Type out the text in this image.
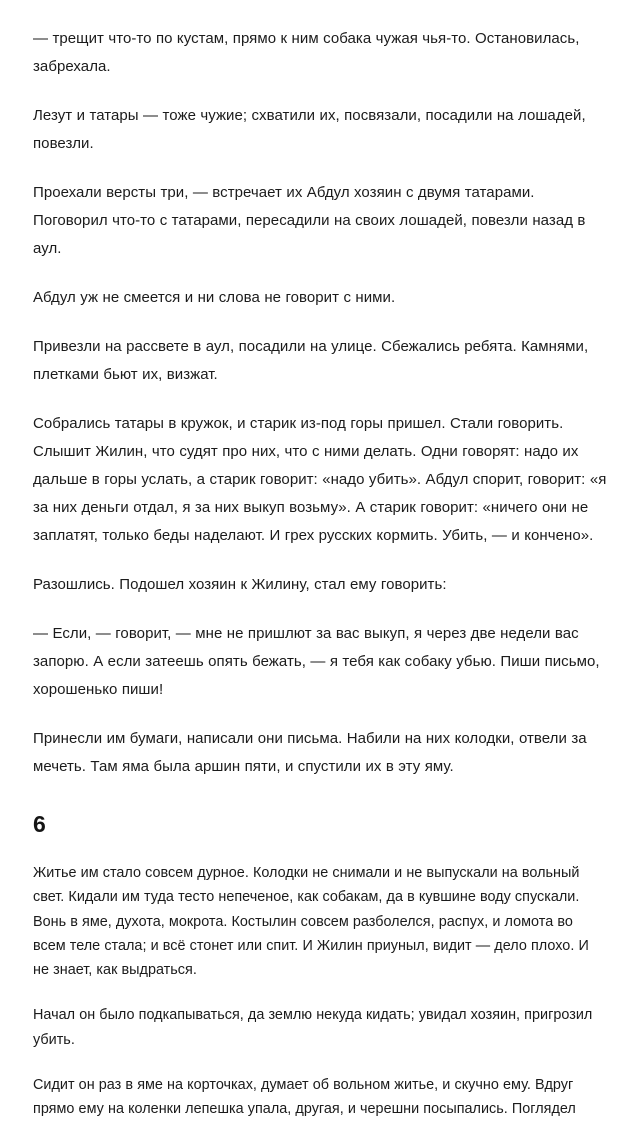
— трещит что-то по кустам, прямо к ним собака чужая чья-то. Остановилась, забрехала.

Лезут и татары — тоже чужие; схватили их, посвязали, посадили на лошадей, повезли.

Проехали версты три, — встречает их Абдул хозяин с двумя татарами. Поговорил что-то с татарами, пересадили на своих лошадей, повезли назад в аул.

Абдул уж не смеется и ни слова не говорит с ними.

Привезли на рассвете в аул, посадили на улице. Сбежались ребята. Камнями, плетками бьют их, визжат.

Собрались татары в кружок, и старик из-под горы пришел. Стали говорить. Слышит Жилин, что судят про них, что с ними делать. Одни говорят: надо их дальше в горы услать, а старик говорит: «надо убить». Абдул спорит, говорит: «я за них деньги отдал, я за них выкуп возьму». А старик говорит: «ничего они не заплатят, только беды наделают. И грех русских кормить. Убить, — и кончено».

Разошлись. Подошел хозяин к Жилину, стал ему говорить:

— Если, — говорит, — мне не пришлют за вас выкуп, я через две недели вас запорю. А если затеешь опять бежать, — я тебя как собаку убью. Пиши письмо, хорошенько пиши!

Принесли им бумаги, написали они письма. Набили на них колодки, отвели за мечеть. Там яма была аршин пяти, и спустили их в эту яму.

6

Житье им стало совсем дурное. Колодки не снимали и не выпускали на вольный свет. Кидали им туда тесто непеченое, как собакам, да в кувшине воду спускали. Вонь в яме, духота, мокрота. Костылин совсем разболелся, распух, и ломота во всем теле стала; и всё стонет или спит. И Жилин приуныл, видит — дело плохо. И не знает, как выдраться.

Начал он было подкапываться, да землю некуда кидать; увидал хозяин, пригрозил убить.

Сидит он раз в яме на корточках, думает об вольном житье, и скучно ему. Вдруг прямо ему на коленки лепешка упала, другая, и черешни посыпались. Поглядел
